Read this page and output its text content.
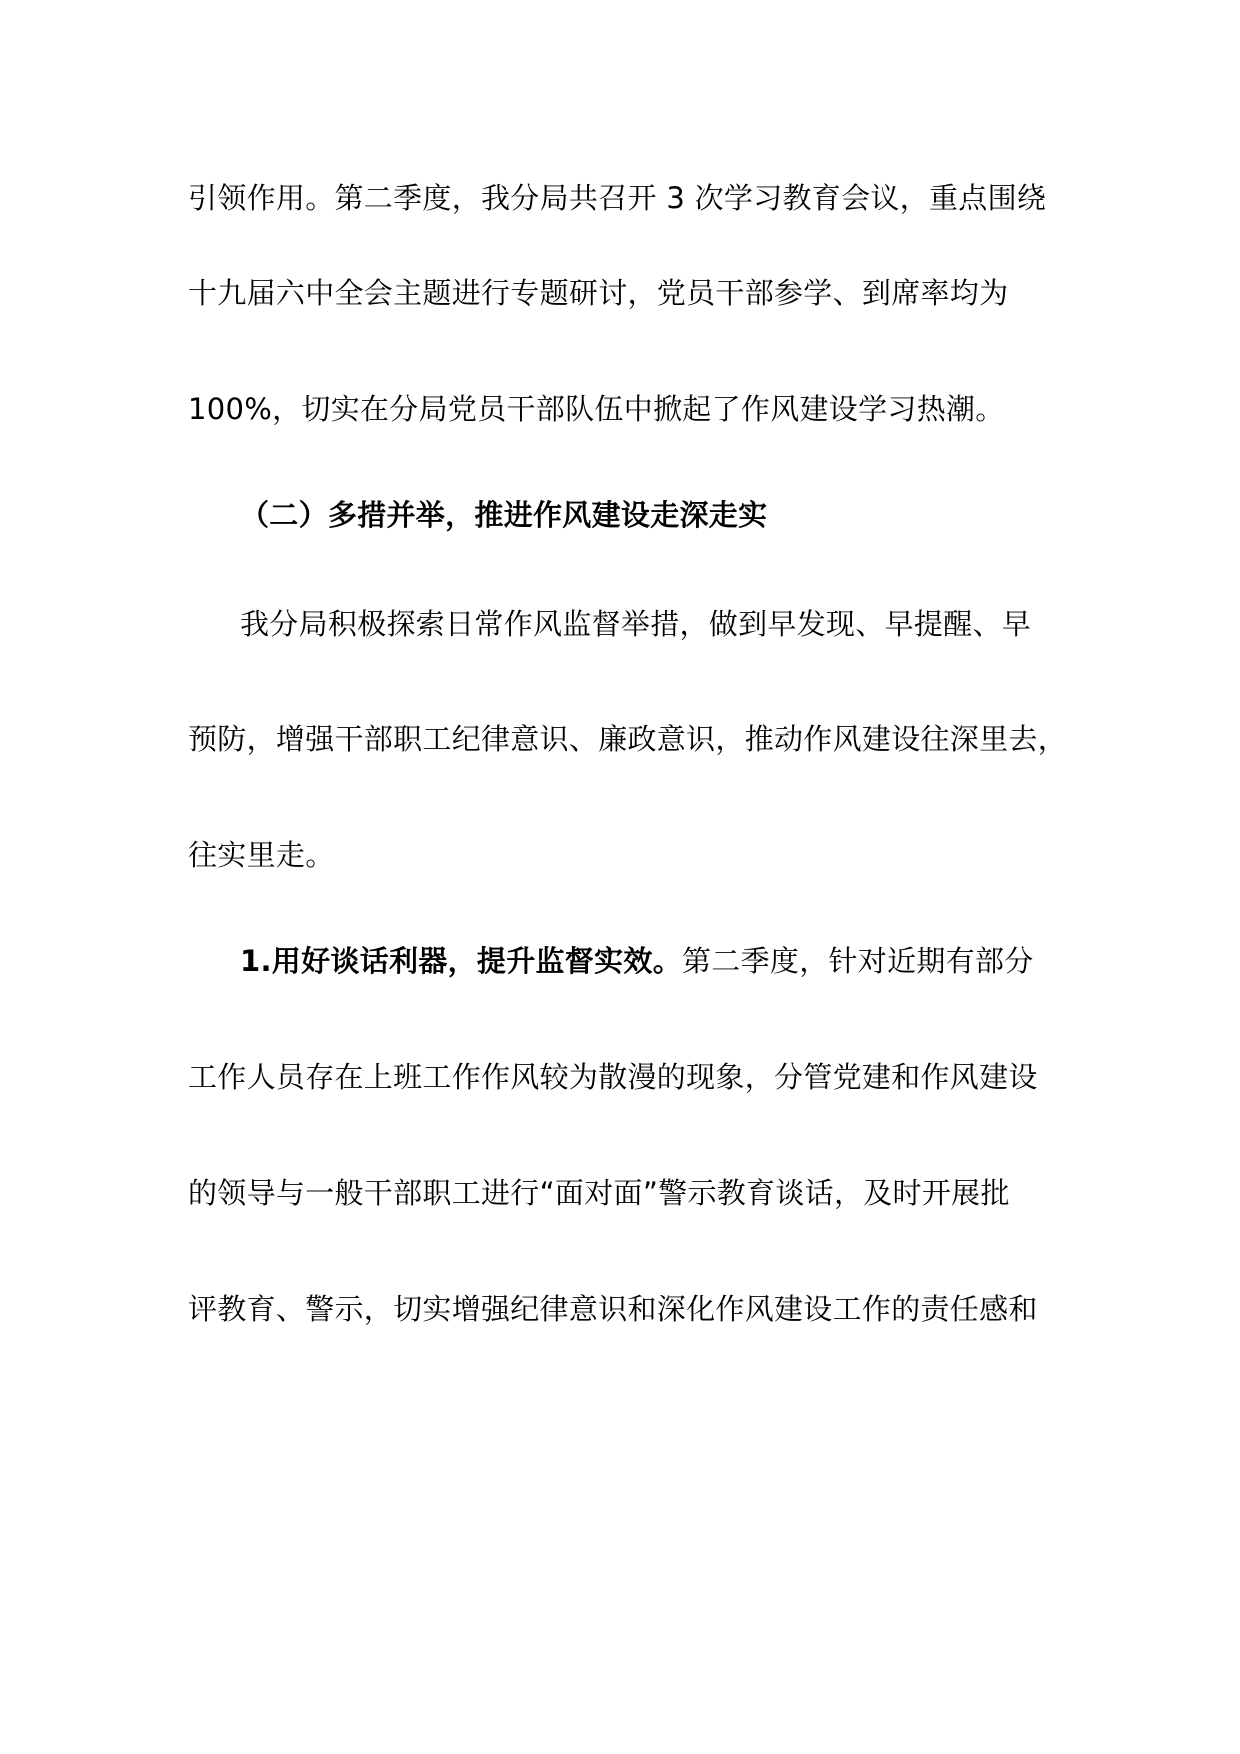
引领作用。第二季度，我分局共召开 3 次学习教育会议，重点围绕
十九届六中全会主题进行专题研讨，党员干部参学、到席率均为
100%，切实在分局党员干部队伍中掀起了作风建设学习热潮。
（二）多措并举，推进作风建设走深走实
我分局积极探索日常作风监督举措，做到早发现、早提醒、早
预防，增强干部职工纪律意识、廉政意识，推动作风建设往深里去，
往实里走。
1.用好谈话利器，提升监督实效。第二季度，针对近期有部分
工作人员存在上班工作作风较为散漫的现象，分管党建和作风建设
的领导与一般干部职工进行“面对面”警示教育谈话，及时开展批
评教育、警示，切实增强纪律意识和深化作风建设工作的责任感和
